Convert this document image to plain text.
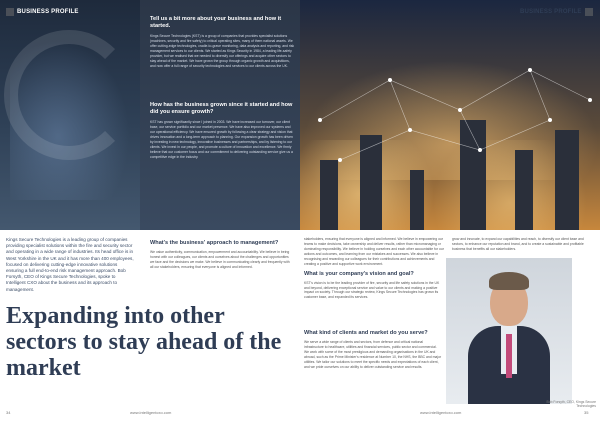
BUSINESS PROFILE
Tell us a bit more about your business and how it started.
Kings Secure Technologies (KST) is a group of companies that provides specialist solutions (machines, security and fire safety) to critical operating sites, many of them national assets. We offer cutting-edge technologies, cradle-to-grave monitoring, data analysis and reporting, and risk management services to our clients. We started as Kings Security in 1984, a leading life-safety provider, but we realised that we needed to diversify our offerings and acquire other sectors to stay ahead of the market. We have grown the group through organic growth and acquisitions, and now offer a full range of security technologies and services to our clients across the UK.
How has the business grown since it started and how did you ensure growth?
KST has grown significantly since I joined in 2003. We have increased our turnover, our client base, our service portfolio and our market presence. We have also improved our systems and our operational efficiency. We have ensured growth by following a clear strategy and vision that drives innovation and a long-term approach to planning. Our expansion growth has been driven by investing in new technology, innovative businesses and partnerships, and by listening to our clients. We invest in our people, and promote a culture of innovation and excellence. We firmly believe that our customer focus and our commitment to delivering outstanding service give us a competitive edge in the industry.
Kings Secure Technologies is a leading group of companies providing specialist solutions within the fire and security sector and operating in a wide range of industries. Its head office is in West Yorkshire in the UK and it has more than 400 employees, focused on delivering cutting-edge innovative solutions ensuring a full end-to-end risk management approach. Bob Forsyth, CEO of Kings Secure Technologies, spoke to Intelligent CXO about the business and its approach to management.
What's the business' approach to management?
We value authenticity, communication, empowerment and accountability. We believe in being honest with our colleagues, our clients and ourselves about the challenges and opportunities we face and the decisions we make. We believe in communicating clearly and frequently with all our stakeholders, ensuring that everyone is aligned and informed.
Expanding into other sectors to stay ahead of the market
34	www.intelligentcxo.com
BUSINESS PROFILE
stakeholders, ensuring that everyone is aligned and informed. We believe in empowering our teams to make decisions, take ownership and deliver results, rather than micromanaging or dominating responsibility. We believe in holding ourselves and each other accountable for our actions and outcomes, and learning from our mistakes and successes. We also believe in recognising and rewarding our colleagues for their contributions and achievements and creating a positive and supportive work environment.
What is your company's vision and goal?
KST's vision is to be the leading provider of fire, security and life safety solutions in the UK and beyond, delivering exceptional service and value to our clients and making a positive impact on society. Through our strategic review, Kings Secure Technologies has grown its customer base, and expanded its services.
grow and innovate, to expand our capabilities and reach, to diversify our client base and sectors, to enhance our reputation and brand, and to create a sustainable and profitable business that benefits all our stakeholders.
What kind of clients and market do you serve?
We serve a wide range of clients and sectors, from defence and critical national infrastructure to healthcare, utilities and financial services, public sector and commercial. We work with some of the most prestigious and demanding organisations in the UK and abroad, such as the Prime Minister's residence at Number 10, the NHS, the BBC and major utilities. We tailor our solutions to meet the specific needs and expectations of each client, and we pride ourselves on our ability to deliver outstanding service and results.
Bob Forsyth, CEO, Kings Secure Technologies
www.intelligentcxo.com	35
